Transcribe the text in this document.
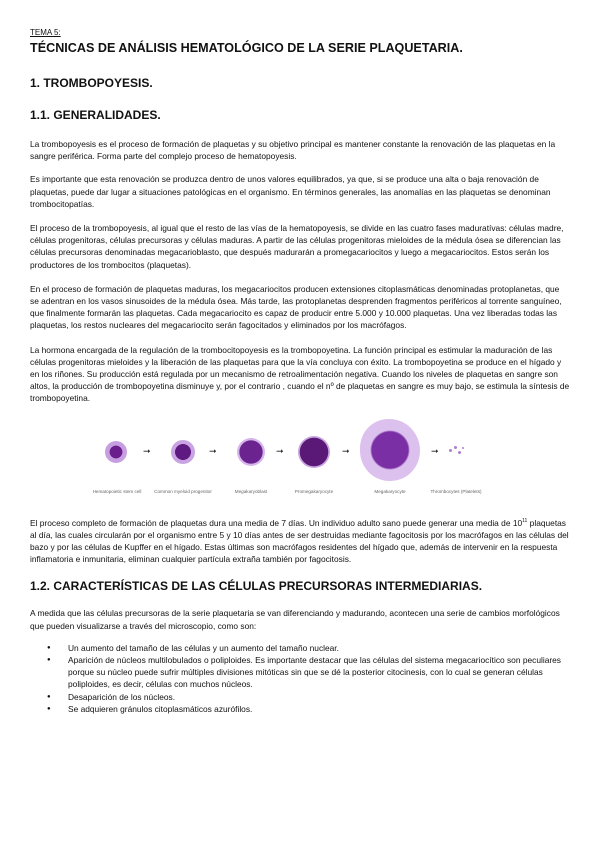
TEMA 5:
TÉCNICAS DE ANÁLISIS HEMATOLÓGICO DE LA SERIE PLAQUETARIA.
1. TROMBOPOYESIS.
1.1. GENERALIDADES.

La trombopoyesis es el proceso de formación de plaquetas y su objetivo principal es mantener constante la renovación de las plaquetas en la sangre periférica. Forma parte del complejo proceso de hematopoyesis.

Es importante que esta renovación se produzca dentro de unos valores equilibrados, ya que, si se produce una alta o baja renovación de plaquetas, puede dar lugar a situaciones patológicas en el organismo. En términos generales, las anomalías en las plaquetas se denominan trombocitopatías.

El proceso de la trombopoyesis, al igual que el resto de las vías de la hematopoyesis, se divide en las cuatro fases maduratívas: células madre, células progenitoras, células precursoras y células maduras. A partir de las células progenitoras mieloides de la médula ósea se diferencian las células precursoras denominadas megacarioblasto, que después madurarán a promegacariocitos y luego a megacariocitos. Estos serán los productores de los trombocitos (plaquetas).

En el proceso de formación de plaquetas maduras, los megacariocitos producen extensiones citoplasmáticas denominadas protoplanetas, que se adentran en los vasos sinusoides de la médula ósea. Más tarde, las protoplanetas desprenden fragmentos periféricos al torrente sanguíneo, que finalmente formarán las plaquetas. Cada megacariocito es capaz de producir entre 5.000 y 10.000 plaquetas. Una vez liberadas todas las plaquetas, los restos nucleares del megacariocito serán fagocitados y eliminados por los macrófagos.

La hormona encargada de la regulación de la trombocitopoyesis es la trombopoyetina. La función principal es estimular la maduración de las células progenitoras mieloides y la liberación de las plaquetas para que la vía concluya con éxito. La trombopoyetina se produce en el hígado y en los riñones. Su producción está regulada por un mecanismo de retroalimentación negativa. Cuando los niveles de plaquetas en sangre son altos, la producción de trombopoyetina disminuye y, por el contrario , cuando el nº de plaquetas en sangre es muy bajo, se estimula la síntesis de trombopoyetina.

➞	➞	➞	➞	➞
Hematopoietic stem cell	Common myeloid progenitor	Megakaryoblast	Promegakaryocyte	Megakaryocyte	Thrombocytes (Platelets)

El proceso completo de formación de plaquetas dura una media de 7 días. Un individuo adulto sano puede generar una media de $10^{11}$ plaquetas al día, las cuales circularán por el organismo entre 5 y 10 días antes de ser destruidas mediante fagocitosis por los macrófagos en las células del bazo y por las células de Kupffer en el hígado. Estas últimas son macrófagos residentes del hígado que, además de intervenir en la respuesta inflamatoria e inmunitaria, eliminan cualquier partícula extraña también por fagocitosis.

1.2. CARACTERÍSTICAS DE LAS CÉLULAS PRECURSORAS INTERMEDIARIAS.

A medida que las células precursoras de la serie plaquetaria se van diferenciando y madurando, acontecen una serie de cambios morfológicos que pueden visualizarse a través del microscopio, como son:

● Un aumento del tamaño de las células y un aumento del tamaño nuclear.
● Aparición de núcleos multilobulados o poliploides. Es importante destacar que las células del sistema megacariocítico son peculiares porque su núcleo puede sufrir múltiples divisiones mitóticas sin que se dé la posterior citocinesis, con lo cual se generan células poliploides, es decir, células con muchos núcleos.
● Desaparición de los núcleos.
● Se adquieren gránulos citoplasmáticos azurófilos.
